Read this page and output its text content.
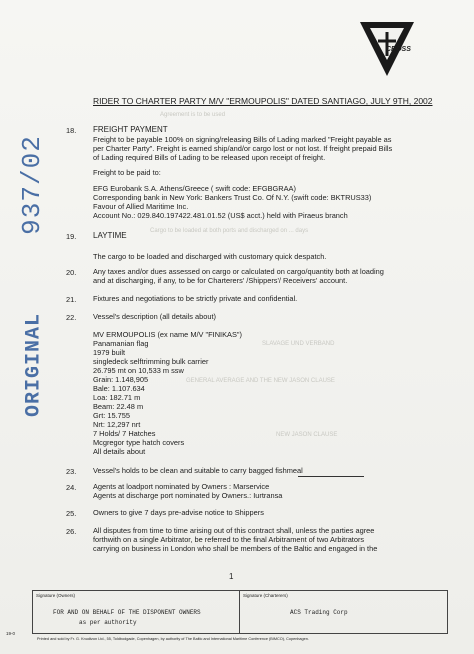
CROSS
937/02
ORIGINAL
RIDER TO CHARTER PARTY M/V "ERMOUPOLIS" DATED SANTIAGO, JULY 9TH, 2002
Agreement is to be used
Cargo to be loaded at both ports and discharged on ... days
SLAVAGE UND VERBAND
GENERAL AVERAGE AND THE NEW JASON CLAUSE
NEW JASON CLAUSE
18. FREIGHT PAYMENT
Freight to be payable 100% on signing/releasing Bills of Lading marked "Freight payable as
per Charter Party". Freight is earned ship/and/or cargo lost or not lost. If freight prepaid Bills
of Lading required Bills of Lading to be released upon receipt of freight.
Freight to be paid to:
EFG Eurobank S.A. Athens/Greece ( swift code: EFGBGRAA)
Corresponding bank in New York: Bankers Trust Co. Of N.Y. (swift code: BKTRUS33)
Favour of Allied Maritime Inc.
Account No.: 029.840.197422.481.01.52 (US$ acct.) held with Piraeus branch
19. LAYTIME
The cargo to be loaded and discharged with customary quick despatch.
20. Any taxes and/or dues assessed on cargo or calculated on cargo/quantity both at loading
and at discharging, if any, to be for Charterers' /Shippers'/ Receivers' account.
21. Fixtures and negotiations to be strictly private and confidential.
22. Vessel's description (all details about)
MV ERMOUPOLIS (ex name M/V "FINIKAS")
Panamanian flag
1979 built
singledeck selftrimming bulk carrier
26.795 mt on 10,533 m ssw
Grain: 1.148,905
Bale: 1.107.634
Loa: 182.71 m
Beam: 22.48 m
Grt: 15.755
Nrt: 12,297 nrt
7 Holds/ 7 Hatches
Mcgregor type hatch covers
All details about
23. Vessel's holds to be clean and suitable to carry bagged fishmeal
24. Agents at loadport nominated by Owners : Marservice
Agents at discharge port nominated by Owners.: Iurtransa
25. Owners to give 7 days pre-advise notice to Shippers
26. All disputes from time to time arising out of this contract shall, unless the parties agree
forthwith on a single Arbitrator, be referred to the final Arbitrament of two Arbitrators
carrying on business in London who shall be members of the Baltic and engaged in the
1
Signature (Owners)
FOR AND ON BEHALF OF THE DISPONENT OWNERS
as per authority
Signature (Charterers)
ACS Trading Corp
19-0
Printed and sold by Fr. G. Knudtzon Ltd., 55, Toldbodgade, Copenhagen, by authority of The Baltic and International Maritime Conference (BIMCO), Copenhagen.
